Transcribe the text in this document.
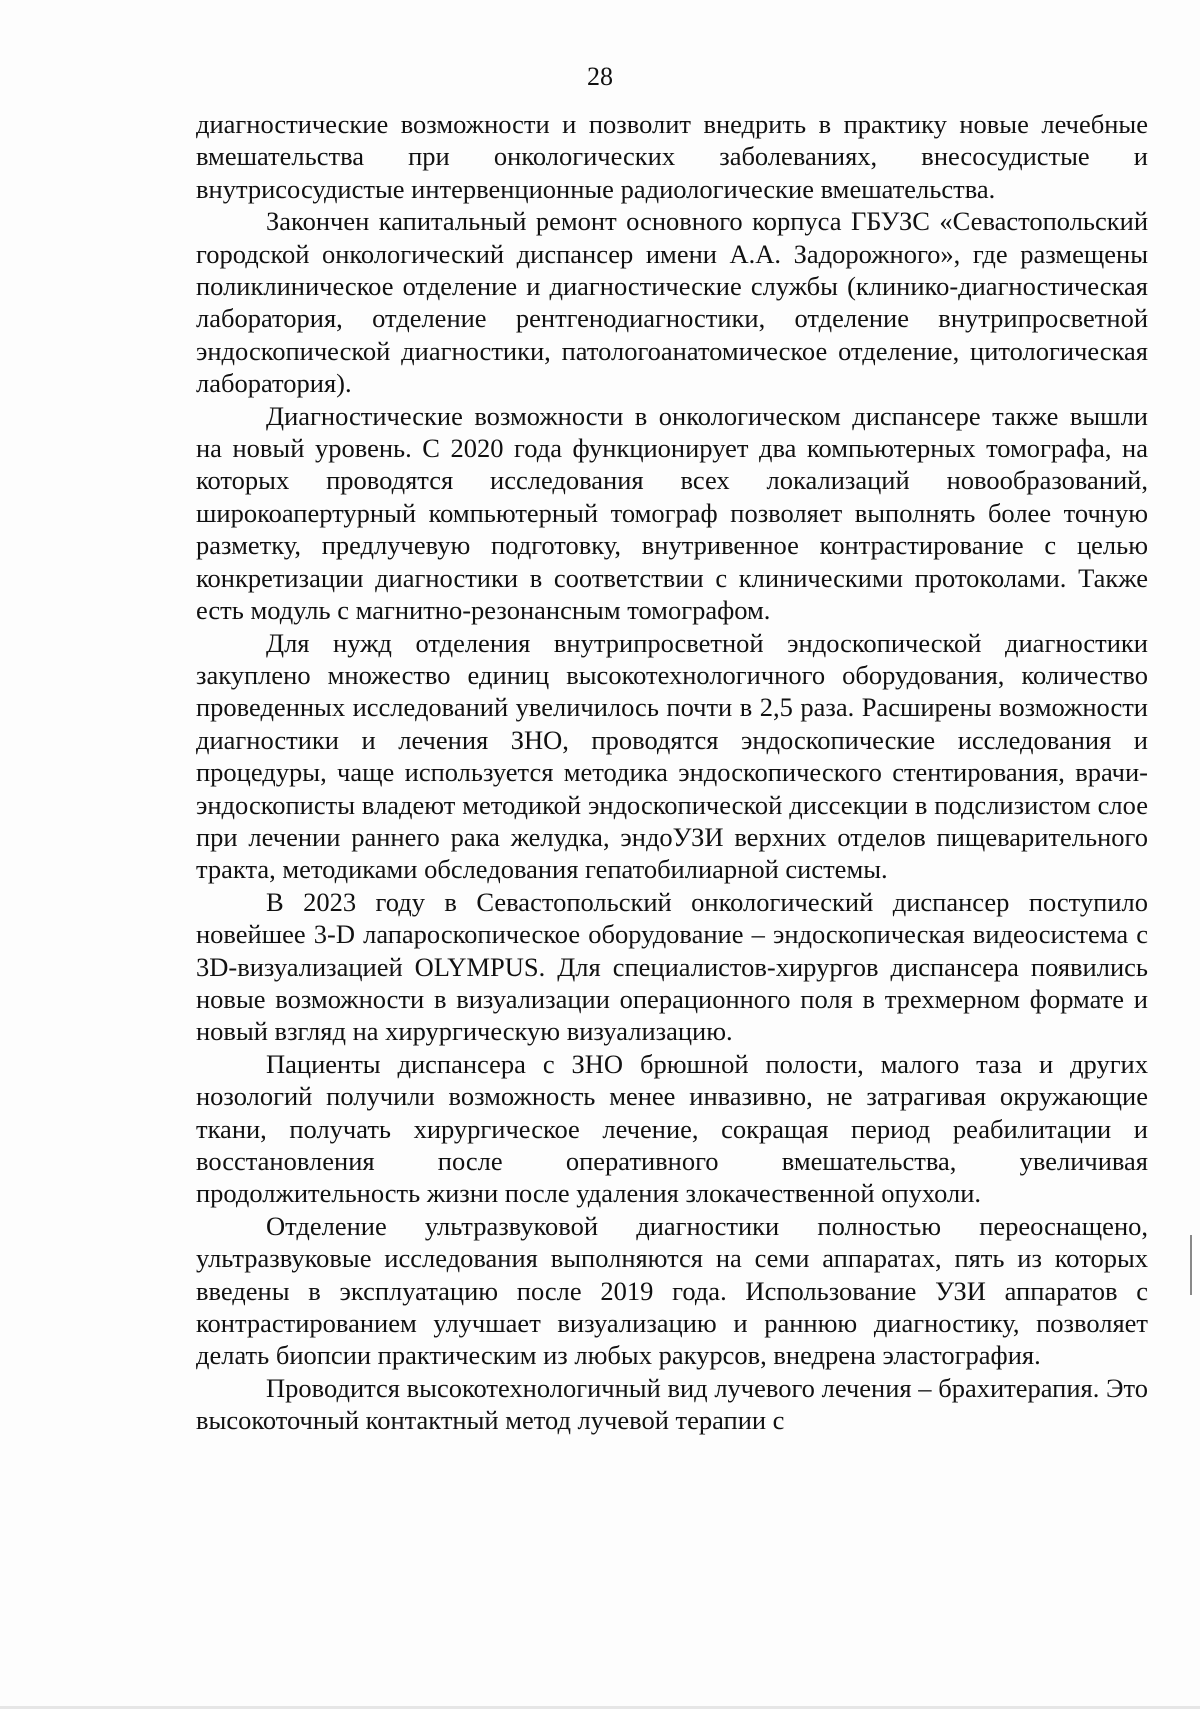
28

диагностические возможности и позволит внедрить в практику новые лечебные вмешательства при онкологических заболеваниях, внесосудистые и внутрисосудистые интервенционные радиологические вмешательства.

Закончен капитальный ремонт основного корпуса ГБУЗС «Севастопольский городской онкологический диспансер имени А.А. Задорожного», где размещены поликлиническое отделение и диагностические службы (клинико-диагностическая лаборатория, отделение рентгенодиагностики, отделение внутрипросветной эндоскопической диагностики, патологоанатомическое отделение, цитологическая лаборатория).

Диагностические возможности в онкологическом диспансере также вышли на новый уровень. С 2020 года функционирует два компьютерных томографа, на которых проводятся исследования всех локализаций новообразований, широкоапертурный компьютерный томограф позволяет выполнять более точную разметку, предлучевую подготовку, внутривенное контрастирование с целью конкретизации диагностики в соответствии с клиническими протоколами. Также есть модуль с магнитно-резонансным томографом.

Для нужд отделения внутрипросветной эндоскопической диагностики закуплено множество единиц высокотехнологичного оборудования, количество проведенных исследований увеличилось почти в 2,5 раза. Расширены возможности диагностики и лечения ЗНО, проводятся эндоскопические исследования и процедуры, чаще используется методика эндоскопического стентирования, врачи-эндоскописты владеют методикой эндоскопической диссекции в подслизистом слое при лечении раннего рака желудка, эндоУЗИ верхних отделов пищеварительного тракта, методиками обследования гепатобилиарной системы.

В 2023 году в Севастопольский онкологический диспансер поступило новейшее 3-D лапароскопическое оборудование – эндоскопическая видеосистема с 3D-визуализацией OLYMPUS. Для специалистов-хирургов диспансера появились новые возможности в визуализации операционного поля в трехмерном формате и новый взгляд на хирургическую визуализацию.

Пациенты диспансера с ЗНО брюшной полости, малого таза и других нозологий получили возможность менее инвазивно, не затрагивая окружающие ткани, получать хирургическое лечение, сокращая период реабилитации и восстановления после оперативного вмешательства, увеличивая продолжительность жизни после удаления злокачественной опухоли.

Отделение ультразвуковой диагностики полностью переоснащено, ультразвуковые исследования выполняются на семи аппаратах, пять из которых введены в эксплуатацию после 2019 года. Использование УЗИ аппаратов с контрастированием улучшает визуализацию и раннюю диагностику, позволяет делать биопсии практическим из любых ракурсов, внедрена эластография.

Проводится высокотехнологичный вид лучевого лечения – брахитерапия. Это высокоточный контактный метод лучевой терапии с
